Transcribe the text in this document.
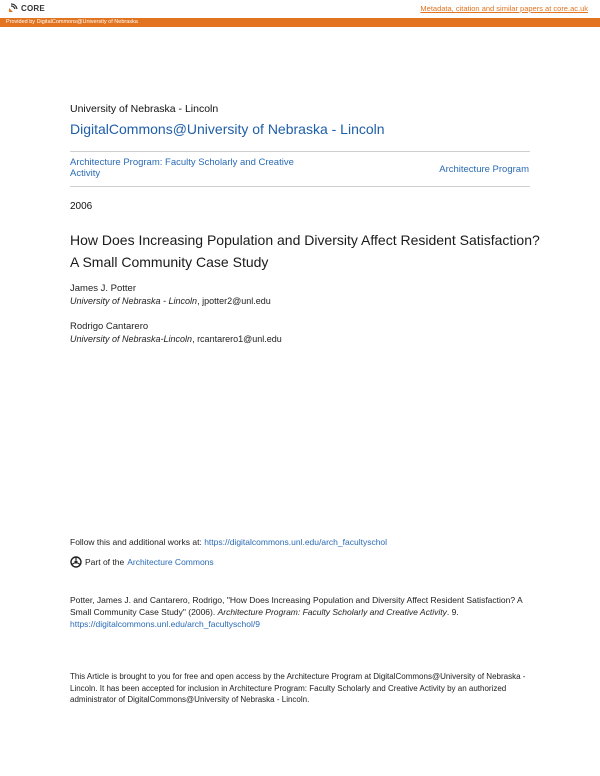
CORE	Metadata, citation and similar papers at core.ac.uk
Provided by DigitalCommons@University of Nebraska
University of Nebraska - Lincoln
DigitalCommons@University of Nebraska - Lincoln
Architecture Program: Faculty Scholarly and Creative Activity	Architecture Program
2006
How Does Increasing Population and Diversity Affect Resident Satisfaction? A Small Community Case Study
James J. Potter
University of Nebraska - Lincoln, jpotter2@unl.edu
Rodrigo Cantarero
University of Nebraska-Lincoln, rcantarero1@unl.edu
Follow this and additional works at: https://digitalcommons.unl.edu/arch_facultyschol
Part of the Architecture Commons
Potter, James J. and Cantarero, Rodrigo, "How Does Increasing Population and Diversity Affect Resident Satisfaction? A Small Community Case Study" (2006). Architecture Program: Faculty Scholarly and Creative Activity. 9.
https://digitalcommons.unl.edu/arch_facultyschol/9
This Article is brought to you for free and open access by the Architecture Program at DigitalCommons@University of Nebraska - Lincoln. It has been accepted for inclusion in Architecture Program: Faculty Scholarly and Creative Activity by an authorized administrator of DigitalCommons@University of Nebraska - Lincoln.
